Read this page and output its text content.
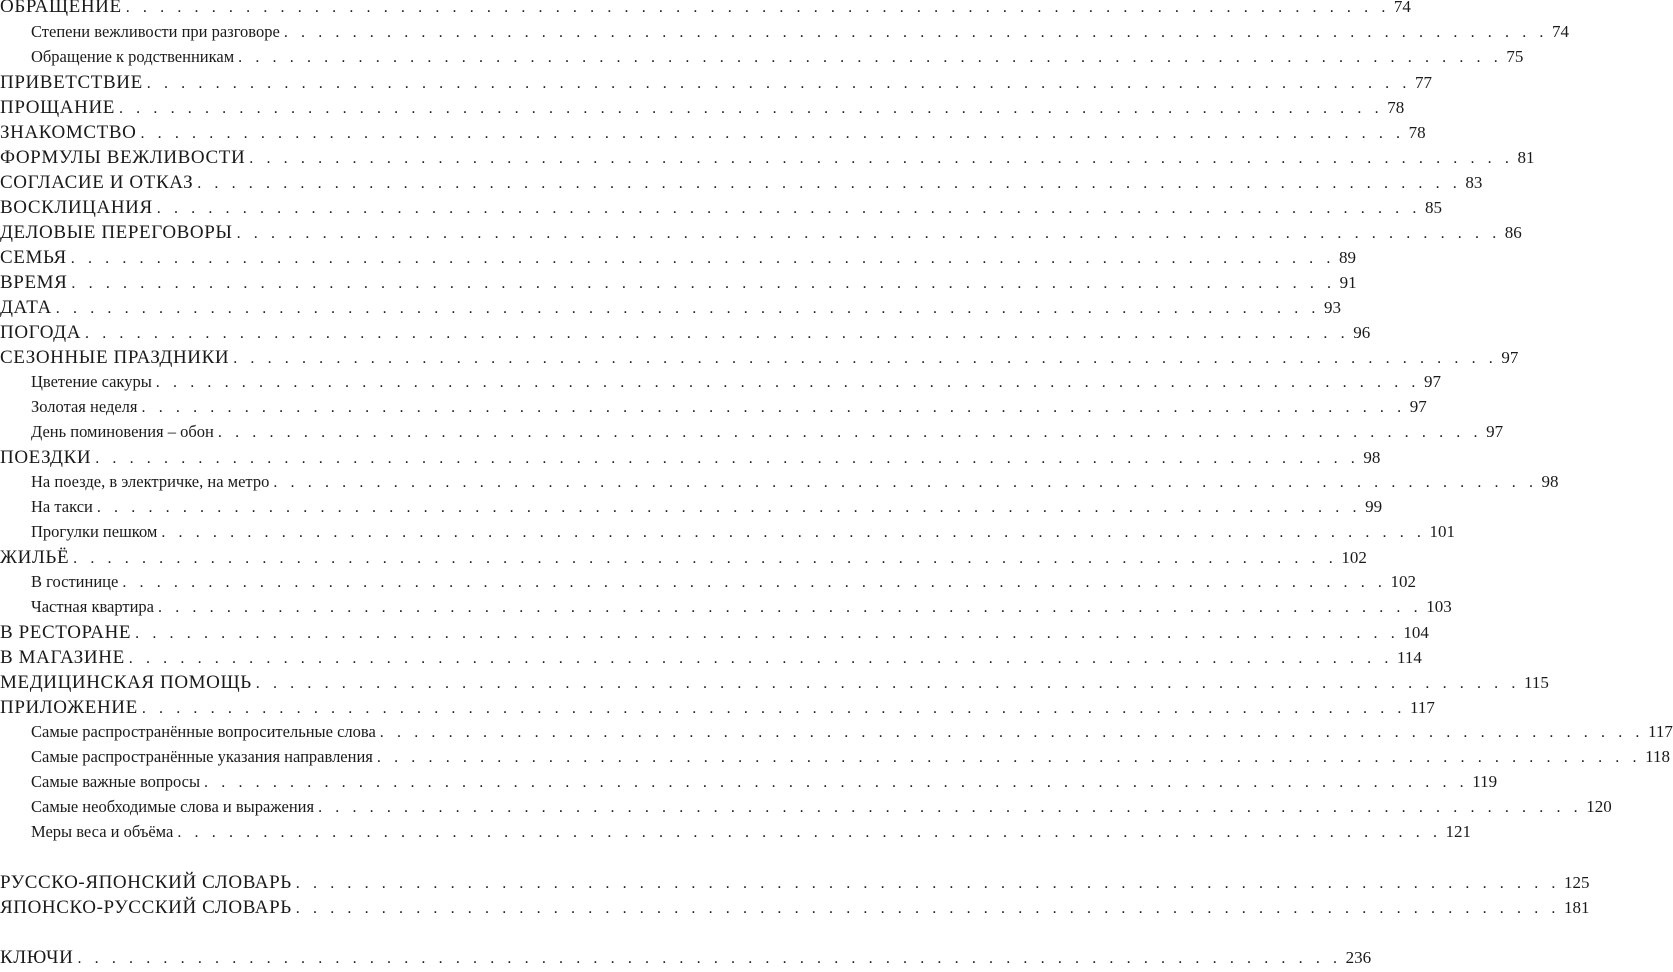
ОБРАЩЕНИЕ . . . . . . . . . . . . . . . . . . . . . . . . . . . . . . . . . . . . . . . . . . . . . . . . . . . . . . . . . . . . . . . . . . . . . . . . . . 74
Степени вежливости при разговоре . . . . . . . . . . . . . . . . . . . . . . . . . . . . . . . . . . . . . . . . . . . . . . . . . . . . . . . . . . . . . . . . . . . . . . . . . . 74
Обращение к родственникам . . . . . . . . . . . . . . . . . . . . . . . . . . . . . . . . . . . . . . . . . . . . . . . . . . . . . . . . . . . . . . . . . . . . . . . . . . 75
ПРИВЕТСТВИЕ . . . . . . . . . . . . . . . . . . . . . . . . . . . . . . . . . . . . . . . . . . . . . . . . . . . . . . . . . . . . . . . . . . . . . . . . . . 77
ПРОЩАНИЕ . . . . . . . . . . . . . . . . . . . . . . . . . . . . . . . . . . . . . . . . . . . . . . . . . . . . . . . . . . . . . . . . . . . . . . . . . . 78
ЗНАКОМСТВО . . . . . . . . . . . . . . . . . . . . . . . . . . . . . . . . . . . . . . . . . . . . . . . . . . . . . . . . . . . . . . . . . . . . . . . . . . 78
ФОРМУЛЫ ВЕЖЛИВОСТИ . . . . . . . . . . . . . . . . . . . . . . . . . . . . . . . . . . . . . . . . . . . . . . . . . . . . . . . . . . . . . . . . . . . . . . . . . . 81
СОГЛАСИЕ И ОТКАЗ . . . . . . . . . . . . . . . . . . . . . . . . . . . . . . . . . . . . . . . . . . . . . . . . . . . . . . . . . . . . . . . . . . . . . . . . . . 83
ВОСКЛИЦАНИЯ . . . . . . . . . . . . . . . . . . . . . . . . . . . . . . . . . . . . . . . . . . . . . . . . . . . . . . . . . . . . . . . . . . . . . . . . . . 85
ДЕЛОВЫЕ ПЕРЕГОВОРЫ . . . . . . . . . . . . . . . . . . . . . . . . . . . . . . . . . . . . . . . . . . . . . . . . . . . . . . . . . . . . . . . . . . . . . . . . . . 86
СЕМЬЯ . . . . . . . . . . . . . . . . . . . . . . . . . . . . . . . . . . . . . . . . . . . . . . . . . . . . . . . . . . . . . . . . . . . . . . . . . . 89
ВРЕМЯ . . . . . . . . . . . . . . . . . . . . . . . . . . . . . . . . . . . . . . . . . . . . . . . . . . . . . . . . . . . . . . . . . . . . . . . . . . 91
ДАТА . . . . . . . . . . . . . . . . . . . . . . . . . . . . . . . . . . . . . . . . . . . . . . . . . . . . . . . . . . . . . . . . . . . . . . . . . . 93
ПОГОДА . . . . . . . . . . . . . . . . . . . . . . . . . . . . . . . . . . . . . . . . . . . . . . . . . . . . . . . . . . . . . . . . . . . . . . . . . . 96
СЕЗОННЫЕ ПРАЗДНИКИ . . . . . . . . . . . . . . . . . . . . . . . . . . . . . . . . . . . . . . . . . . . . . . . . . . . . . . . . . . . . . . . . . . . . . . . . . . 97
Цветение сакуры . . . . . . . . . . . . . . . . . . . . . . . . . . . . . . . . . . . . . . . . . . . . . . . . . . . . . . . . . . . . . . . . . . . . . . . . . . 97
Золотая неделя . . . . . . . . . . . . . . . . . . . . . . . . . . . . . . . . . . . . . . . . . . . . . . . . . . . . . . . . . . . . . . . . . . . . . . . . . . 97
День поминовения – обон . . . . . . . . . . . . . . . . . . . . . . . . . . . . . . . . . . . . . . . . . . . . . . . . . . . . . . . . . . . . . . . . . . . . . . . . . . 97
ПОЕЗДКИ . . . . . . . . . . . . . . . . . . . . . . . . . . . . . . . . . . . . . . . . . . . . . . . . . . . . . . . . . . . . . . . . . . . . . . . . . . 98
На поезде, в электричке, на метро . . . . . . . . . . . . . . . . . . . . . . . . . . . . . . . . . . . . . . . . . . . . . . . . . . . . . . . . . . . . . . . . . . . . . . . . . . 98
На такси . . . . . . . . . . . . . . . . . . . . . . . . . . . . . . . . . . . . . . . . . . . . . . . . . . . . . . . . . . . . . . . . . . . . . . . . . . 99
Прогулки пешком . . . . . . . . . . . . . . . . . . . . . . . . . . . . . . . . . . . . . . . . . . . . . . . . . . . . . . . . . . . . . . . . . . . . . . . . . . 101
ЖИЛЬЁ . . . . . . . . . . . . . . . . . . . . . . . . . . . . . . . . . . . . . . . . . . . . . . . . . . . . . . . . . . . . . . . . . . . . . . . . . . 102
В гостинице . . . . . . . . . . . . . . . . . . . . . . . . . . . . . . . . . . . . . . . . . . . . . . . . . . . . . . . . . . . . . . . . . . . . . . . . . . 102
Частная квартира . . . . . . . . . . . . . . . . . . . . . . . . . . . . . . . . . . . . . . . . . . . . . . . . . . . . . . . . . . . . . . . . . . . . . . . . . . 103
В РЕСТОРАНЕ . . . . . . . . . . . . . . . . . . . . . . . . . . . . . . . . . . . . . . . . . . . . . . . . . . . . . . . . . . . . . . . . . . . . . . . . . . 104
В МАГАЗИНЕ . . . . . . . . . . . . . . . . . . . . . . . . . . . . . . . . . . . . . . . . . . . . . . . . . . . . . . . . . . . . . . . . . . . . . . . . . . 114
МЕДИЦИНСКАЯ ПОМОЩЬ . . . . . . . . . . . . . . . . . . . . . . . . . . . . . . . . . . . . . . . . . . . . . . . . . . . . . . . . . . . . . . . . . . . . . . . . . . 115
ПРИЛОЖЕНИЕ . . . . . . . . . . . . . . . . . . . . . . . . . . . . . . . . . . . . . . . . . . . . . . . . . . . . . . . . . . . . . . . . . . . . . . . . . . 117
Самые распространённые вопросительные слова . . . . . . . . . . . . . . . . . . . . . . . . . . . . . . . . . . . . . . . . . . . . . . . . . . . . . . . . . . . . . . . . . . . . . . . . . . 117
Самые распространённые указания направления . . . . . . . . . . . . . . . . . . . . . . . . . . . . . . . . . . . . . . . . . . . . . . . . . . . . . . . . . . . . . . . . . . . . . . . . . . 118
Самые важные вопросы . . . . . . . . . . . . . . . . . . . . . . . . . . . . . . . . . . . . . . . . . . . . . . . . . . . . . . . . . . . . . . . . . . . . . . . . . . 119
Самые необходимые слова и выражения . . . . . . . . . . . . . . . . . . . . . . . . . . . . . . . . . . . . . . . . . . . . . . . . . . . . . . . . . . . . . . . . . . . . . . . . . . 120
Меры веса и объёма . . . . . . . . . . . . . . . . . . . . . . . . . . . . . . . . . . . . . . . . . . . . . . . . . . . . . . . . . . . . . . . . . . . . . . . . . . 121
РУССКО-ЯПОНСКИЙ СЛОВАРЬ . . . . . . . . . . . . . . . . . . . . . . . . . . . . . . . . . . . . . . . . . . . . . . . . . . . . . . . . . . . . . . . . . . . . . . . . . . 125
ЯПОНСКО-РУССКИЙ СЛОВАРЬ . . . . . . . . . . . . . . . . . . . . . . . . . . . . . . . . . . . . . . . . . . . . . . . . . . . . . . . . . . . . . . . . . . . . . . . . . . 181
КЛЮЧИ . . . . . . . . . . . . . . . . . . . . . . . . . . . . . . . . . . . . . . . . . . . . . . . . . . . . . . . . . . . . . . . . . . . . . . . . . . 236
